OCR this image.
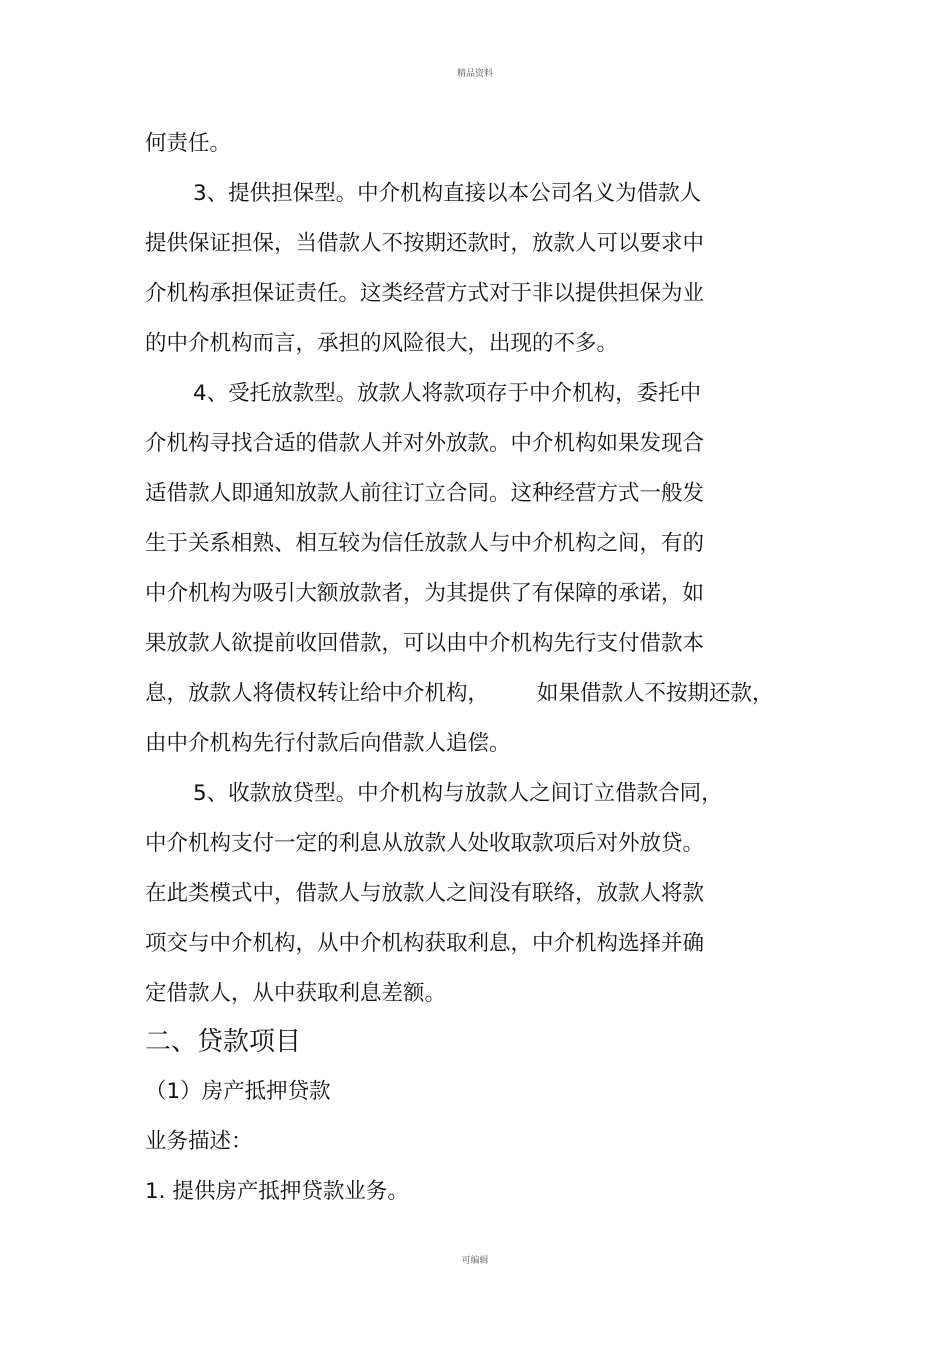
精品资料
何责任。
3、提供担保型。中介机构直接以本公司名义为借款人
提供保证担保，当借款人不按期还款时，放款人可以要求中
介机构承担保证责任。这类经营方式对于非以提供担保为业
的中介机构而言，承担的风险很大，出现的不多。
4、受托放款型。放款人将款项存于中介机构，委托中
介机构寻找合适的借款人并对外放款。中介机构如果发现合
适借款人即通知放款人前往订立合同。这种经营方式一般发
生于关系相熟、相互较为信任放款人与中介机构之间，有的
中介机构为吸引大额放款者，为其提供了有保障的承诺，如
果放款人欲提前收回借款，可以由中介机构先行支付借款本
息，放款人将债权转让给中介机构， 如果借款人不按期还款，
由中介机构先行付款后向借款人追偿。
5、收款放贷型。中介机构与放款人之间订立借款合同，
中介机构支付一定的利息从放款人处收取款项后对外放贷。
在此类模式中，借款人与放款人之间没有联络，放款人将款
项交与中介机构，从中介机构获取利息，中介机构选择并确
定借款人，从中获取利息差额。
二、贷款项目
（1）房产抵押贷款
业务描述：
1. 提供房产抵押贷款业务。
可编辑
